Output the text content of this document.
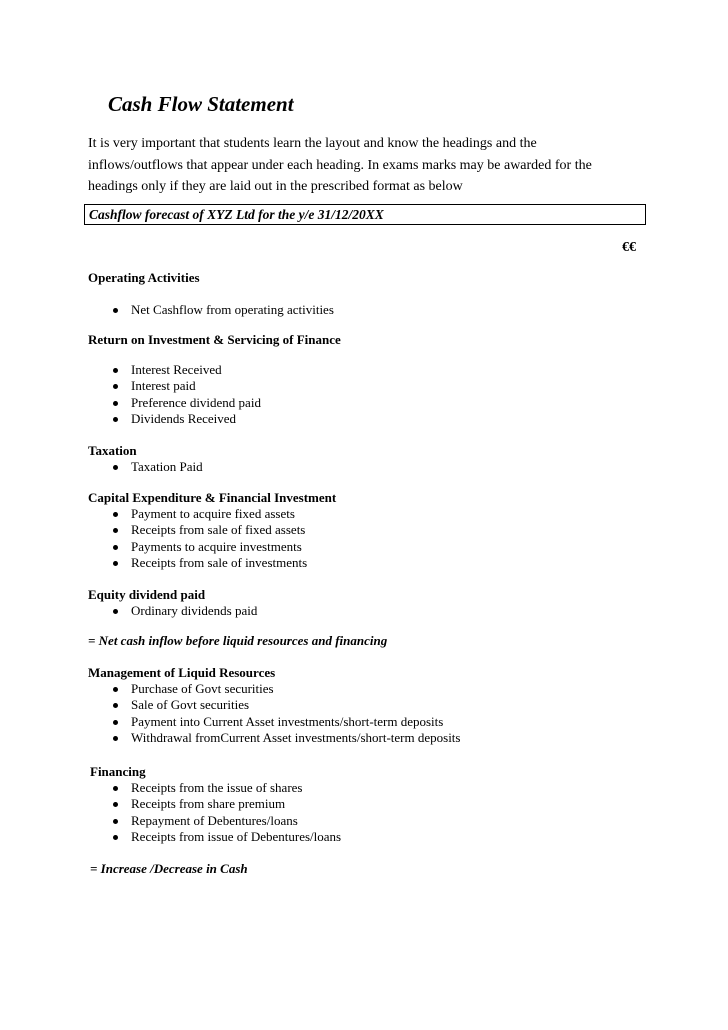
Cash Flow Statement
It is very important that students learn the layout and know the headings and the
inflows/outflows that appear under each heading. In exams marks may be awarded for the
headings only if they are laid out in the prescribed format as below
Cashflow forecast of XYZ Ltd for the y/e 31/12/20XX
€€
Operating Activities
Net Cashflow from operating activities
Return on Investment & Servicing of Finance
Interest Received
Interest paid
Preference dividend paid
Dividends Received
Taxation
Taxation Paid
Capital Expenditure & Financial Investment
Payment to acquire fixed assets
Receipts from sale of fixed assets
Payments to acquire investments
Receipts from sale of investments
Equity dividend paid
Ordinary dividends paid
= Net cash inflow before liquid resources and financing
Management of Liquid Resources
Purchase of Govt securities
Sale of Govt securities
Payment into Current Asset investments/short-term deposits
Withdrawal fromCurrent Asset investments/short-term deposits
Financing
Receipts from the issue of shares
Receipts from share premium
Repayment of Debentures/loans
Receipts from issue of Debentures/loans
= Increase /Decrease in Cash
